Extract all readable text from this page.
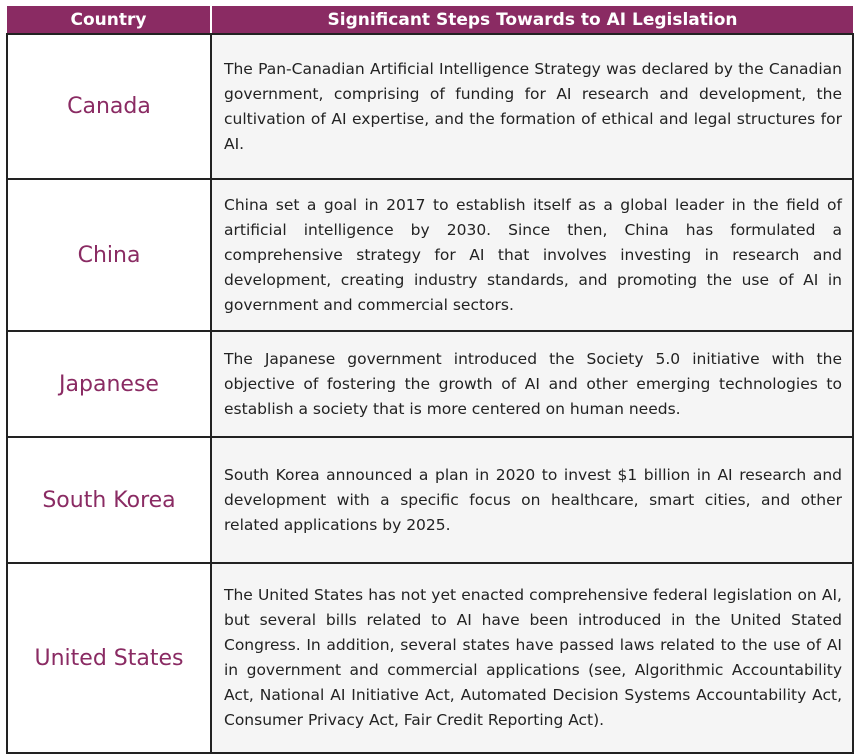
Country	Significant Steps Towards to AI Legislation
Canada	The Pan-Canadian Artificial Intelligence Strategy was declared by the Canadian government, comprising of funding for AI research and development, the cultivation of AI expertise, and the formation of ethical and legal structures for AI.
China	China set a goal in 2017 to establish itself as a global leader in the field of artificial intelligence by 2030. Since then, China has formulated a comprehensive strategy for AI that involves investing in research and development, creating industry standards, and promoting the use of AI in government and commercial sectors.
Japanese	The Japanese government introduced the Society 5.0 initiative with the objective of fostering the growth of AI and other emerging technologies to establish a society that is more centered on human needs.
South Korea	South Korea announced a plan in 2020 to invest $1 billion in AI research and development with a specific focus on healthcare, smart cities, and other related applications by 2025.
United States	The United States has not yet enacted comprehensive federal legislation on AI, but several bills related to AI have been introduced in the United Stated Congress. In addition, several states have passed laws related to the use of AI in government and commercial applications (see, Algorithmic Accountability Act, National AI Initiative Act, Automated Decision Systems Accountability Act, Consumer Privacy Act, Fair Credit Reporting Act).
